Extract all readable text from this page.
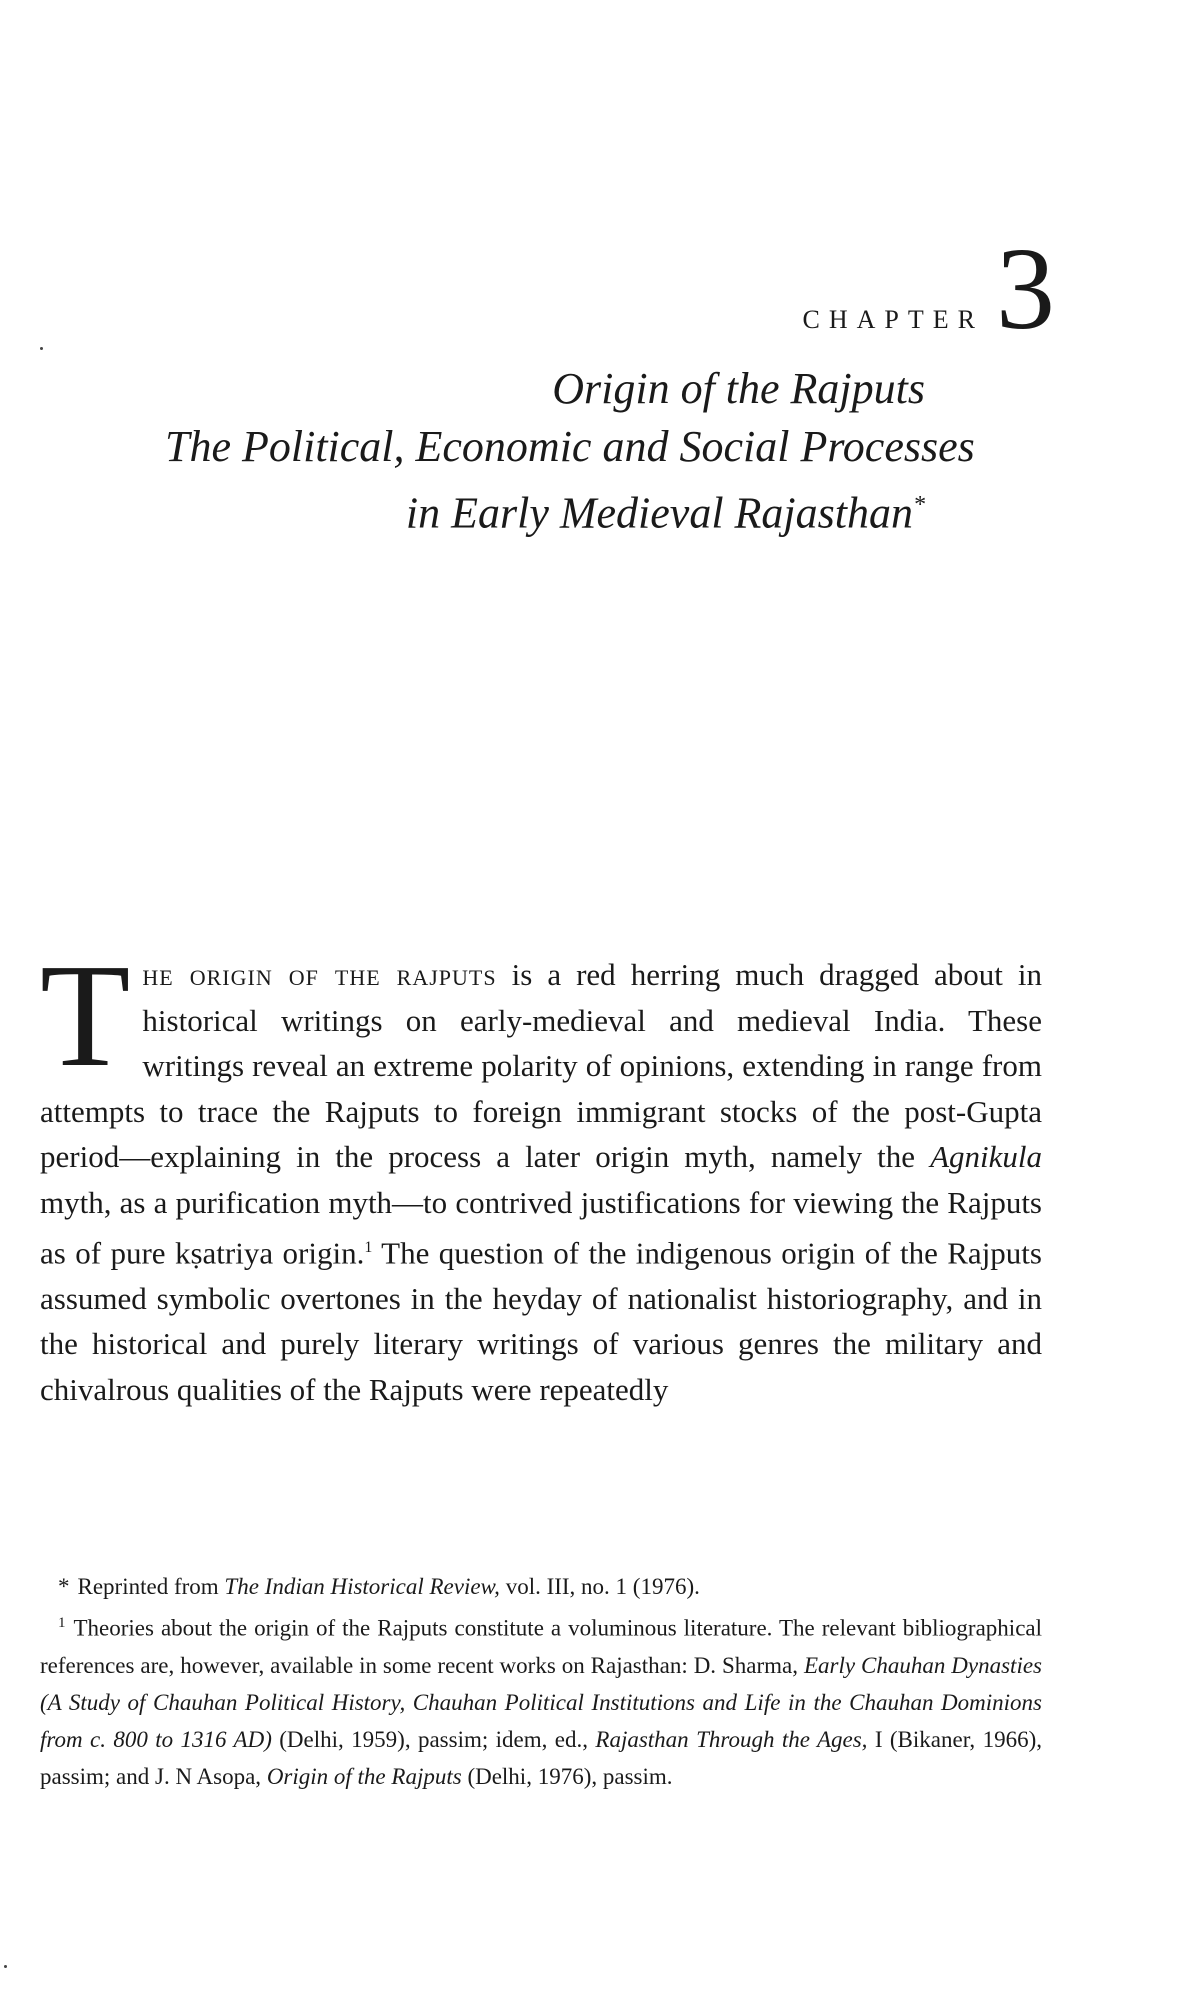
CHAPTER 3
Origin of the Rajputs
The Political, Economic and Social Processes
in Early Medieval Rajasthan*

The origin of the rajputs is a red herring much dragged about in historical writings on early-medieval and medieval India. These writings reveal an extreme polarity of opinions, extending in range from attempts to trace the Rajputs to foreign immigrant stocks of the post-Gupta period—explaining in the process a later origin myth, namely the Agnikula myth, as a purification myth—to contrived justifications for viewing the Rajputs as of pure kṣatriya origin.$^1$ The question of the indigenous origin of the Rajputs assumed symbolic overtones in the heyday of nationalist historiography, and in the historical and purely literary writings of various genres the military and chivalrous qualities of the Rajputs were repeatedly

* Reprinted from The Indian Historical Review, vol. III, no. 1 (1976).

$^1$ Theories about the origin of the Rajputs constitute a voluminous literature. The relevant bibliographical references are, however, available in some recent works on Rajasthan: D. Sharma, Early Chauhan Dynasties (A Study of Chauhan Political History, Chauhan Political Institutions and Life in the Chauhan Dominions from c. 800 to 1316 AD) (Delhi, 1959), passim; idem, ed., Rajasthan Through the Ages, I (Bikaner, 1966), passim; and J. N Asopa, Origin of the Rajputs (Delhi, 1976), passim.
